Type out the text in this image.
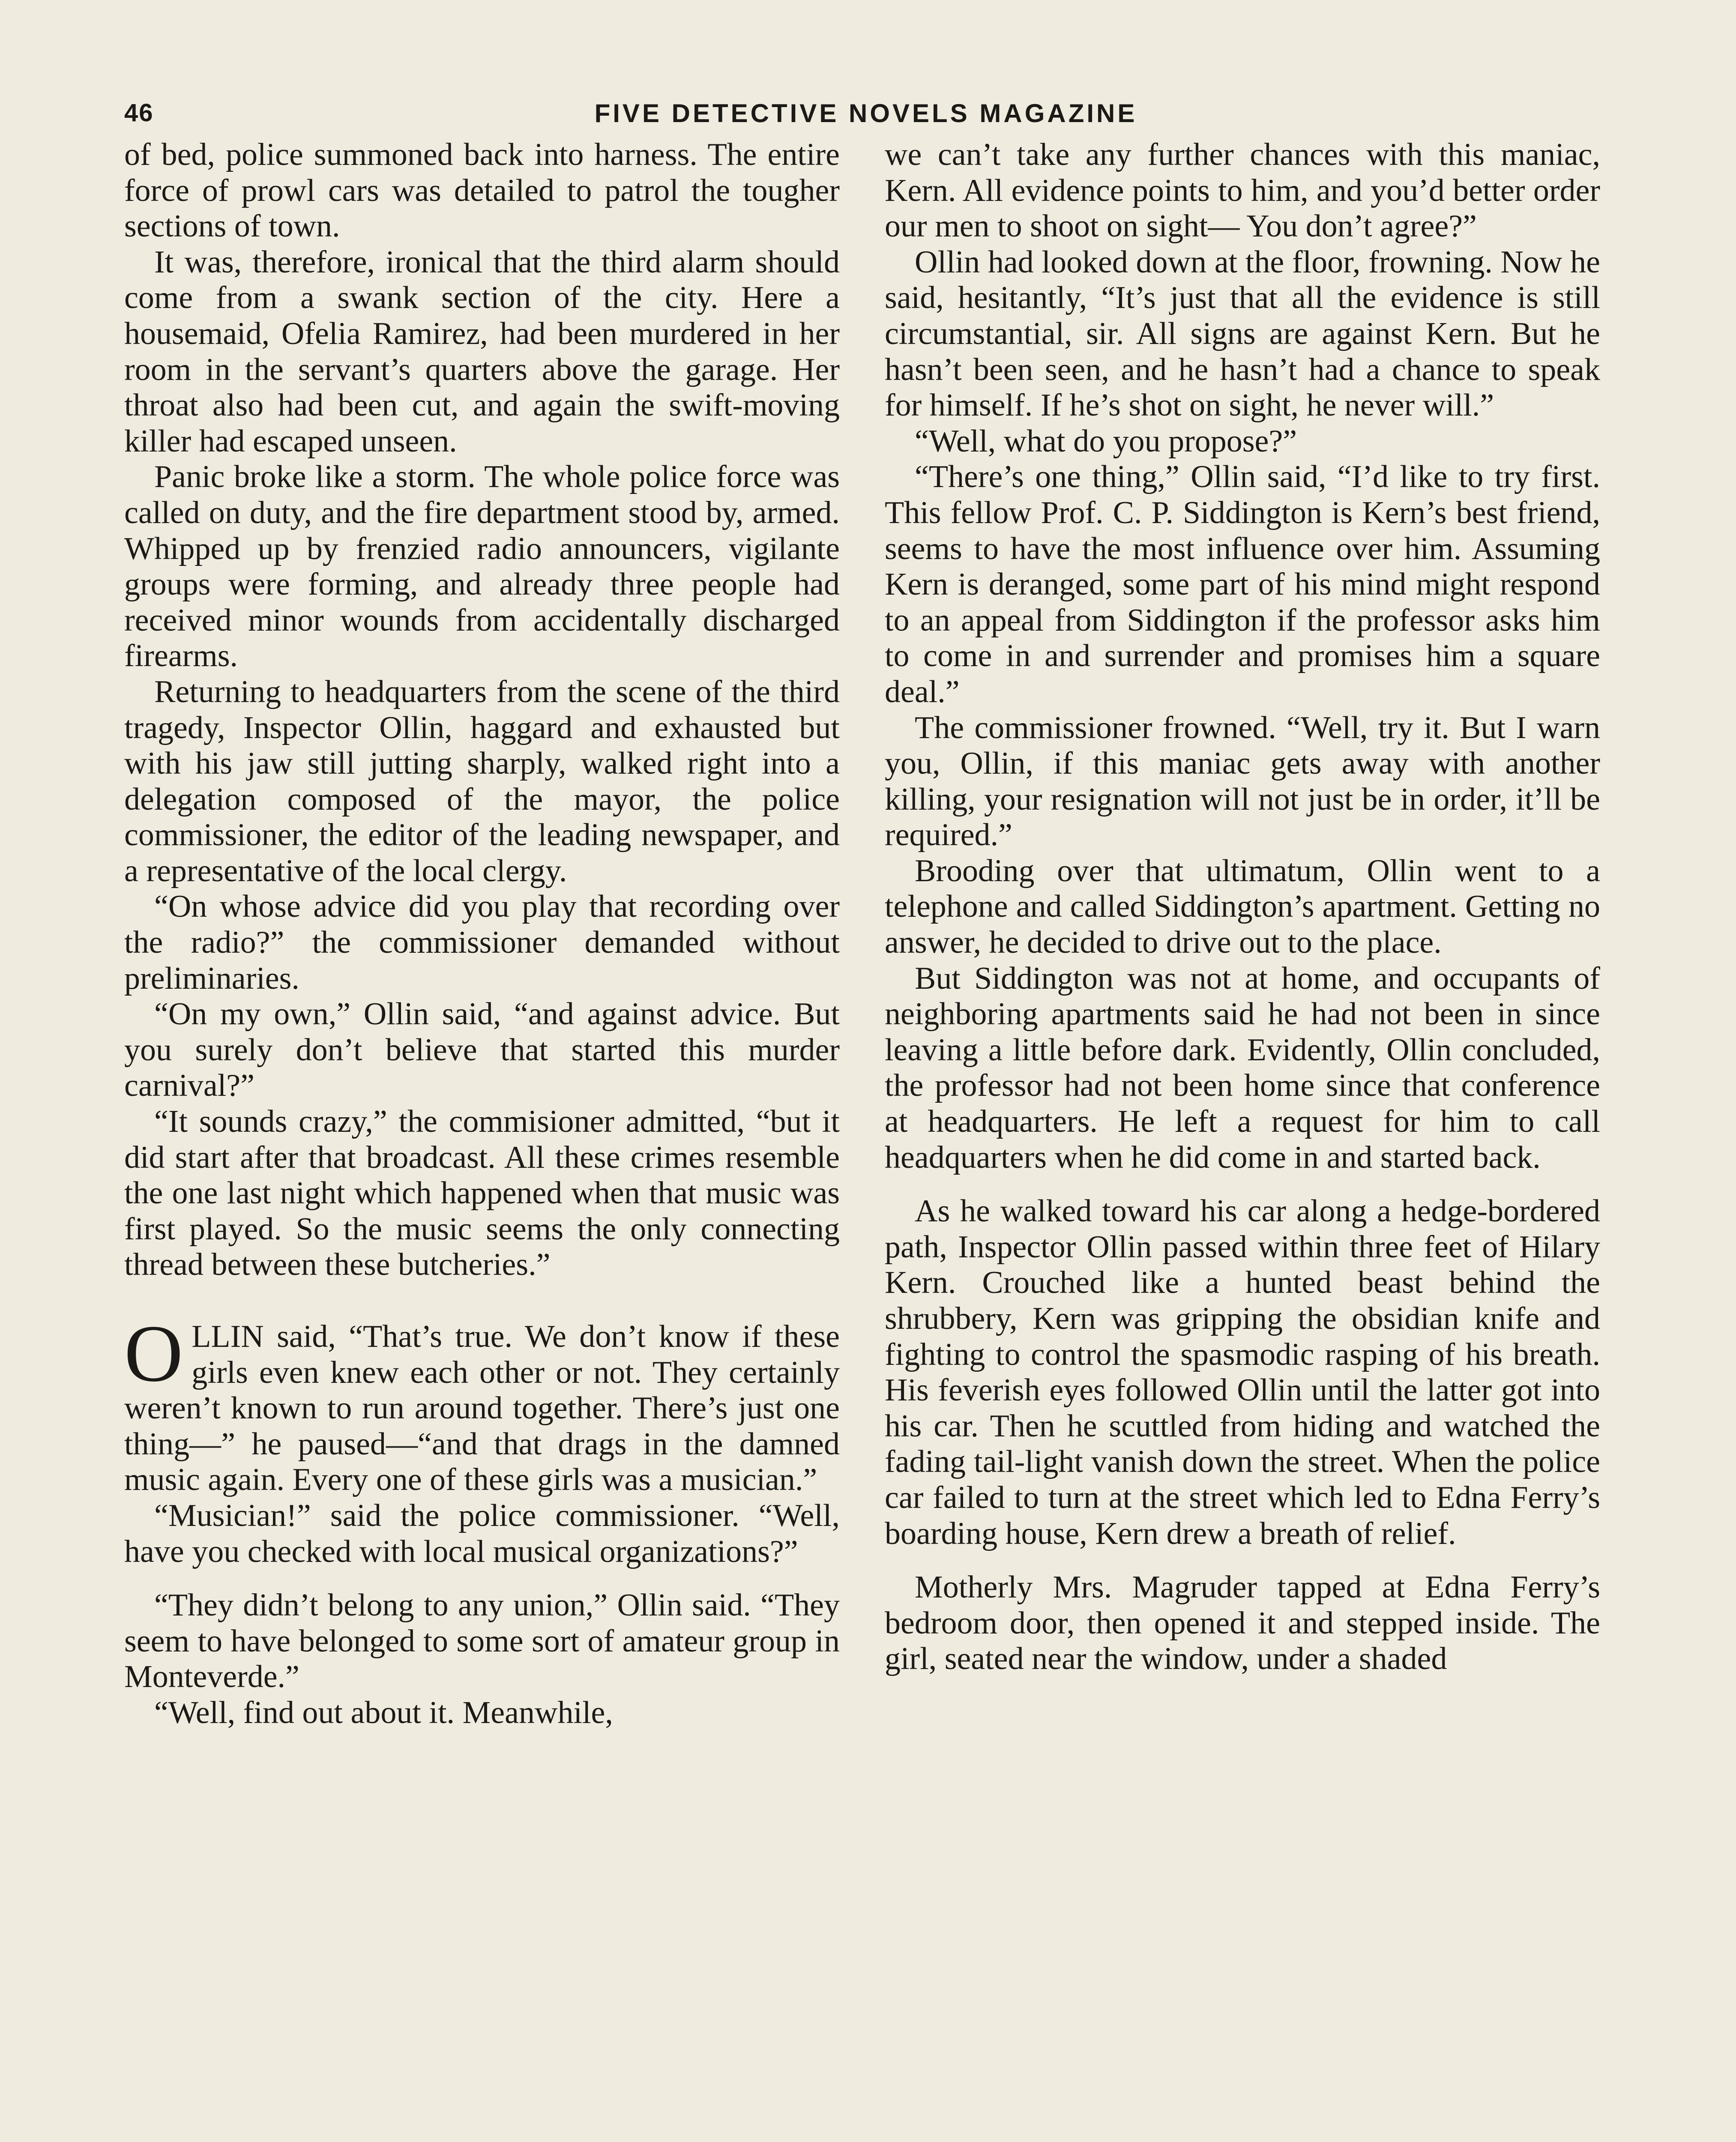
46	FIVE DETECTIVE NOVELS MAGAZINE

of bed, police summoned back into harness. The entire force of prowl cars was detailed to patrol the tougher sections of town.

It was, therefore, ironical that the third alarm should come from a swank section of the city. Here a housemaid, Ofelia Ramirez, had been murdered in her room in the servant’s quarters above the garage. Her throat also had been cut, and again the swift-moving killer had escaped unseen.

Panic broke like a storm. The whole police force was called on duty, and the fire department stood by, armed. Whipped up by frenzied radio announcers, vigilante groups were forming, and already three people had received minor wounds from accidentally discharged firearms.

Returning to headquarters from the scene of the third tragedy, Inspector Ollin, haggard and exhausted but with his jaw still jutting sharply, walked right into a delegation composed of the mayor, the police commissioner, the editor of the leading newspaper, and a representative of the local clergy.

“On whose advice did you play that recording over the radio?” the commissioner demanded without preliminaries.

“On my own,” Ollin said, “and against advice. But you surely don’t believe that started this murder carnival?”

“It sounds crazy,” the commisioner admitted, “but it did start after that broadcast. All these crimes resemble the one last night which happened when that music was first played. So the music seems the only connecting thread between these butcheries.”

OLLIN said, “That’s true. We don’t know if these girls even knew each other or not. They certainly weren’t known to run around together. There’s just one thing—” he paused—“and that drags in the damned music again. Every one of these girls was a musician.”

“Musician!” said the police commissioner. “Well, have you checked with local musical organizations?”

“They didn’t belong to any union,” Ollin said. “They seem to have belonged to some sort of amateur group in Monteverde.”

“Well, find out about it. Meanwhile,

we can’t take any further chances with this maniac, Kern. All evidence points to him, and you’d better order our men to shoot on sight— You don’t agree?”

Ollin had looked down at the floor, frowning. Now he said, hesitantly, “It’s just that all the evidence is still circumstantial, sir. All signs are against Kern. But he hasn’t been seen, and he hasn’t had a chance to speak for himself. If he’s shot on sight, he never will.”

“Well, what do you propose?”

“There’s one thing,” Ollin said, “I’d like to try first. This fellow Prof. C. P. Siddington is Kern’s best friend, seems to have the most influence over him. Assuming Kern is deranged, some part of his mind might respond to an appeal from Siddington if the professor asks him to come in and surrender and promises him a square deal.”

The commissioner frowned. “Well, try it. But I warn you, Ollin, if this maniac gets away with another killing, your resignation will not just be in order, it’ll be required.”

Brooding over that ultimatum, Ollin went to a telephone and called Siddington’s apartment. Getting no answer, he decided to drive out to the place.

But Siddington was not at home, and occupants of neighboring apartments said he had not been in since leaving a little before dark. Evidently, Ollin concluded, the professor had not been home since that conference at headquarters. He left a request for him to call headquarters when he did come in and started back.

As he walked toward his car along a hedge-bordered path, Inspector Ollin passed within three feet of Hilary Kern. Crouched like a hunted beast behind the shrubbery, Kern was gripping the obsidian knife and fighting to control the spasmodic rasping of his breath. His feverish eyes followed Ollin until the latter got into his car. Then he scuttled from hiding and watched the fading tail-light vanish down the street. When the police car failed to turn at the street which led to Edna Ferry’s boarding house, Kern drew a breath of relief.

Motherly Mrs. Magruder tapped at Edna Ferry’s bedroom door, then opened it and stepped inside. The girl, seated near the window, under a shaded
